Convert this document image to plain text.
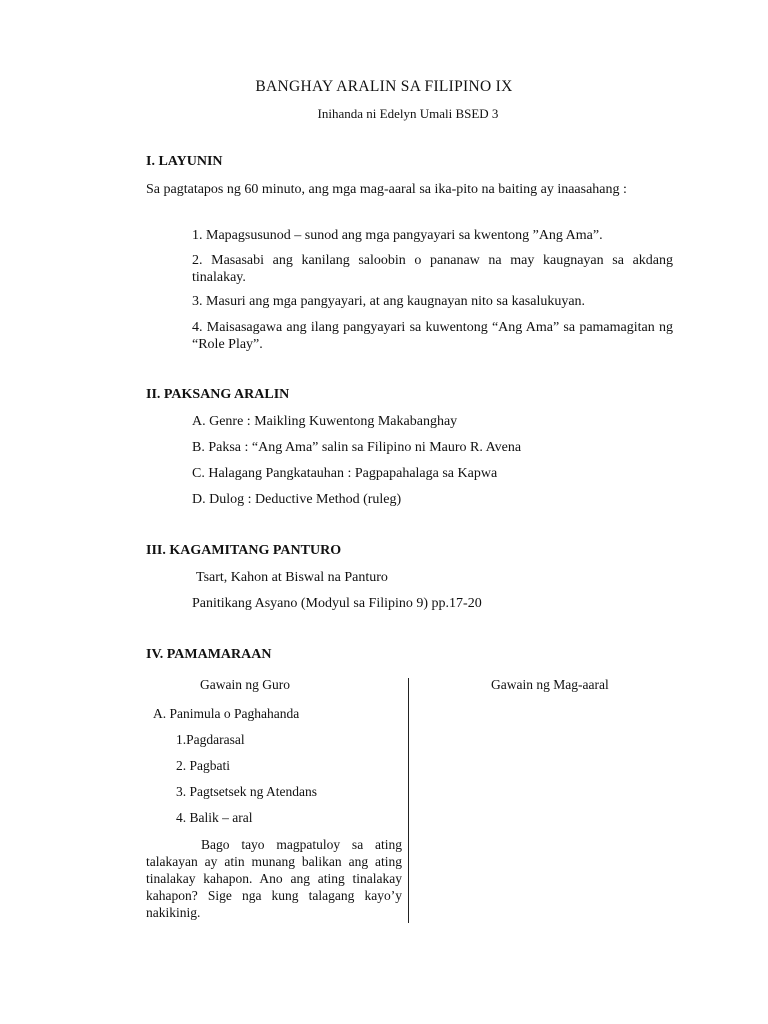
BANGHAY ARALIN SA FILIPINO IX

Inihanda ni Edelyn Umali BSED 3

I. LAYUNIN

Sa pagtatapos ng 60 minuto, ang mga mag-aaral sa ika-pito na baiting ay inaasahang :

1. Mapagsusunod – sunod ang mga pangyayari sa kwentong ”Ang Ama”.

2. Masasabi ang kanilang saloobin o pananaw na may kaugnayan sa akdang tinalakay.

3. Masuri ang mga pangyayari, at ang kaugnayan nito sa kasalukuyan.

4. Maisasagawa ang ilang pangyayari sa kuwentong “Ang Ama” sa pamamagitan ng “Role Play”.

II. PAKSANG ARALIN

A. Genre : Maikling Kuwentong Makabanghay

B. Paksa : “Ang Ama” salin sa Filipino ni Mauro R. Avena

C. Halagang Pangkatauhan : Pagpapahalaga sa Kapwa

D. Dulog : Deductive Method (ruleg)

III. KAGAMITANG PANTURO

Tsart, Kahon at Biswal na Panturo

Panitikang Asyano (Modyul sa Filipino 9) pp.17-20

IV. PAMAMARAAN

Gawain ng Guro	Gawain ng Mag-aaral

A. Panimula o Paghahanda

1.Pagdarasal

2. Pagbati

3. Pagtsetsek ng Atendans

4. Balik – aral

Bago tayo magpatuloy sa ating talakayan ay atin munang balikan ang ating tinalakay kahapon. Ano ang ating tinalakay kahapon? Sige nga kung talagang kayo’y nakikinig.
